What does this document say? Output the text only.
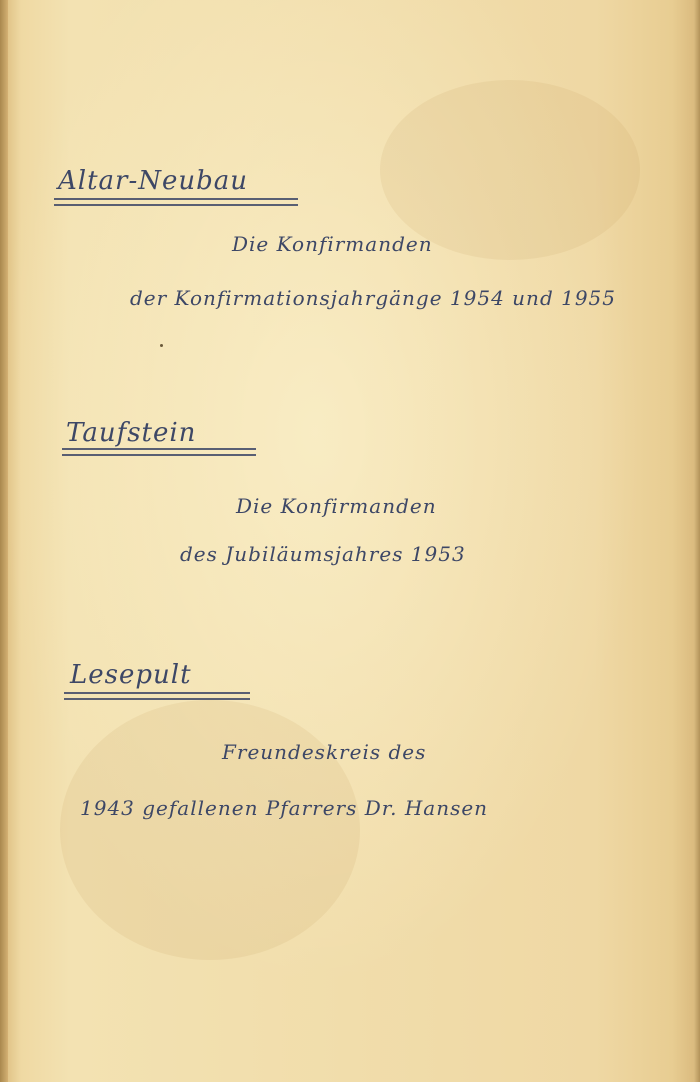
Altar-Neubau

Die Konfirmanden

der Konfirmationsjahrgänge 1954 und 1955

Taufstein

Die Konfirmanden

des Jubiläumsjahres 1953

Lesepult

Freundeskreis des

1943 gefallenen Pfarrers Dr. Hansen
